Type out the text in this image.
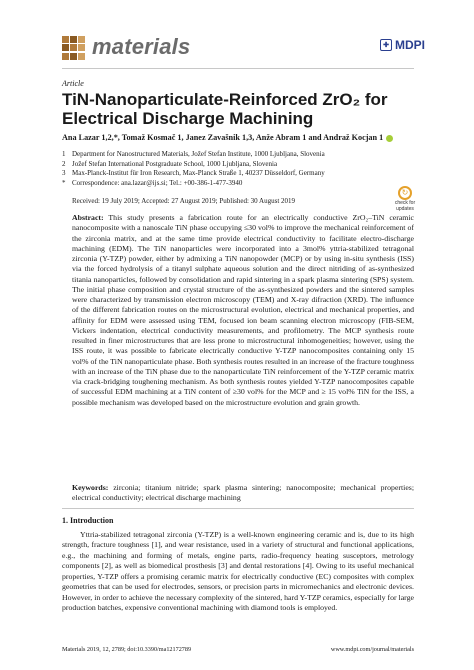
materials	✚ MDPI
Article
TiN-Nanoparticulate-Reinforced ZrO₂ for Electrical Discharge Machining
Ana Lazar 1,2,*, Tomaž Kosmač 1, Janez Zavašnik 1,3, Anže Abram 1 and Andraž Kocjan 1
1 Department for Nanostructured Materials, Jožef Stefan Institute, 1000 Ljubljana, Slovenia
2 Jožef Stefan International Postgraduate School, 1000 Ljubljana, Slovenia
3 Max-Planck-Institut für Iron Research, Max-Planck Straße 1, 40237 Düsseldorf, Germany
* Correspondence: ana.lazar@ijs.si; Tel.: +00-386-1-477-3940
Received: 19 July 2019; Accepted: 27 August 2019; Published: 30 August 2019
↻
check for
updates
Abstract: This study presents a fabrication route for an electrically conductive ZrO₂–TiN ceramic nanocomposite with a nanoscale TiN phase occupying ≤30 vol% to improve the mechanical reinforcement of the zirconia matrix, and at the same time provide electrical conductivity to facilitate electro-discharge machining (EDM). The TiN nanoparticles were incorporated into a 3mol% yttria-stabilized tetragonal zirconia (Y-TZP) powder, either by admixing a TiN nanopowder (MCP) or by using in-situ synthesis (ISS) via the forced hydrolysis of a titanyl sulphate aqueous solution and the direct nitriding of as-synthesized titania nanoparticles, followed by consolidation and rapid sintering in a spark plasma sintering (SPS) system. The initial phase composition and crystal structure of the as-synthesized powders and the sintered samples were characterized by transmission electron microscopy (TEM) and X-ray difraction (XRD). The influence of the different fabrication routes on the microstructural evolution, electrical and mechanical properties, and affinity for EDM were assessed using TEM, focused ion beam scanning electron microscopy (FIB-SEM, Vickers indentation, electrical conductivity measurements, and profilometry. The MCP synthesis route resulted in finer microstructures that are less prone to microstructural inhomogeneities; however, using the ISS route, it was possible to fabricate electrically conductive Y-TZP nanocomposites containing only 15 vol% of the TiN nanoparticulate phase. Both synthesis routes resulted in an increase of the fracture toughness with an increase of the TiN phase due to the nanoparticulate TiN reinforcement of the Y-TZP ceramic matrix via crack-bridging toughening mechanism. As both synthesis routes yielded Y-TZP nanocomposites capable of successful EDM machining at a TiN content of ≥30 vol% for the MCP and ≥ 15 vol% TiN for the ISS, a possible mechanism was developed based on the microstructure evolution and grain growth.
Keywords: zirconia; titanium nitride; spark plasma sintering; nanocomposite; mechanical properties; electrical conductivity; electrical discharge machining
1. Introduction
Yttria-stabilized tetragonal zirconia (Y-TZP) is a well-known engineering ceramic and is, due to its high strength, fracture toughness [1], and wear resistance, used in a variety of structural and functional applications, e.g., the machining and forming of metals, engine parts, radio-frequency heating susceptors, metrology components [2], as well as biomedical prosthesis [3] and dental restorations [4]. Owing to its useful mechanical properties, Y-TZP offers a promising ceramic matrix for electrically conductive (EC) composites with complex geometries that can be used for electrodes, sensors, or precision parts in micromechanics and electronic devices. However, in order to achieve the necessary complexity of the sintered, hard Y-TZP ceramics, especially for large production batches, expensive conventional machining with diamond tools is employed.
Materials 2019, 12, 2789; doi:10.3390/ma12172789	www.mdpi.com/journal/materials
